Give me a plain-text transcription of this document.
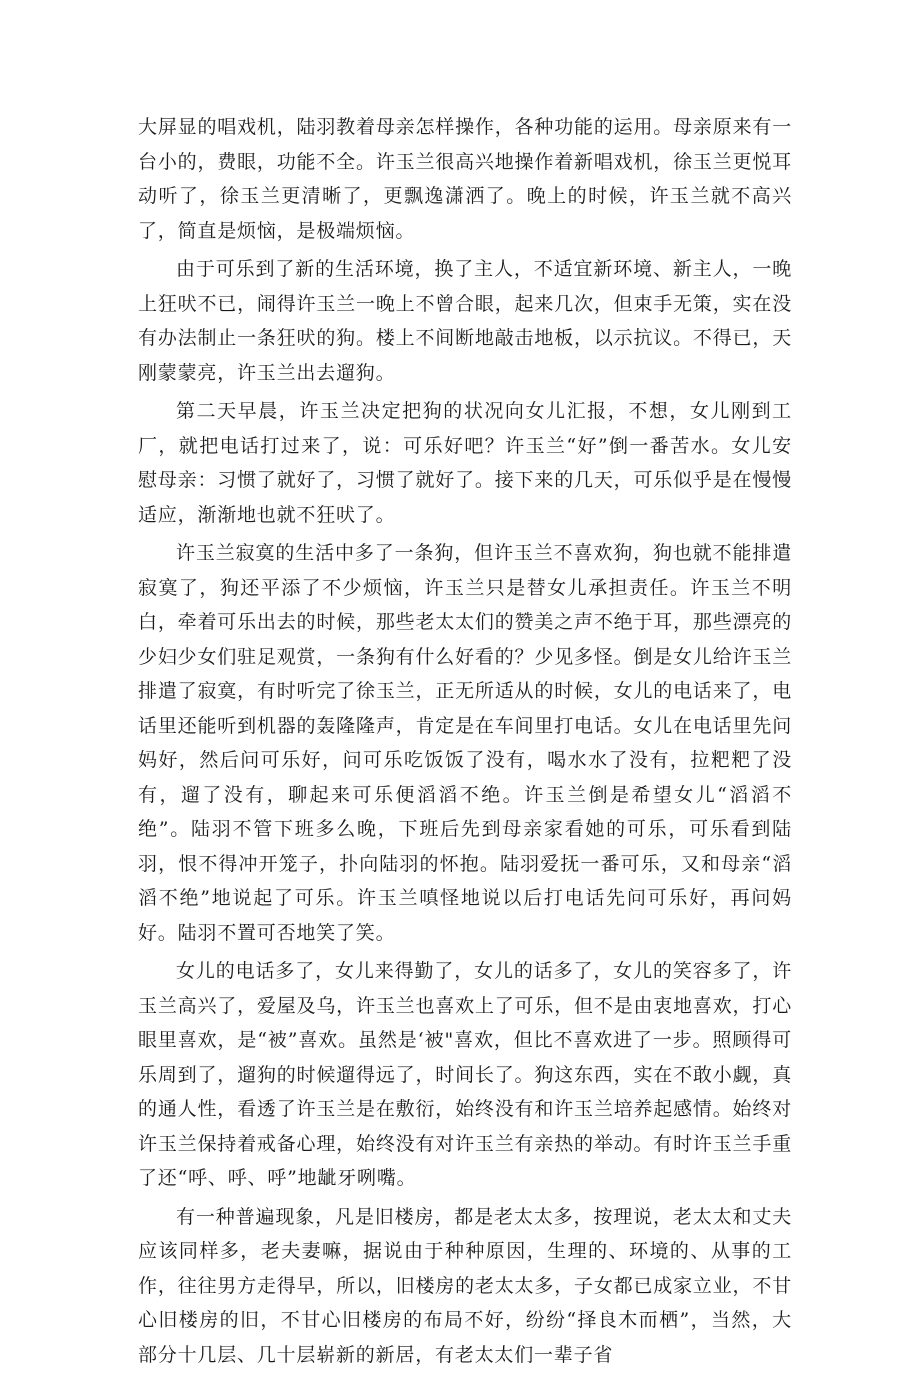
大屏显的唱戏机，陆羽教着母亲怎样操作，各种功能的运用。母亲原来有一台小的，费眼，功能不全。许玉兰很高兴地操作着新唱戏机，徐玉兰更悦耳动听了，徐玉兰更清晰了，更飘逸潇洒了。晚上的时候，许玉兰就不高兴了，简直是烦恼，是极端烦恼。

由于可乐到了新的生活环境，换了主人，不适宜新环境、新主人，一晚上狂吠不已，闹得许玉兰一晚上不曾合眼，起来几次，但束手无策，实在没有办法制止一条狂吠的狗。楼上不间断地敲击地板，以示抗议。不得已，天刚蒙蒙亮，许玉兰出去遛狗。

第二天早晨，许玉兰决定把狗的状况向女儿汇报，不想，女儿刚到工厂，就把电话打过来了，说：可乐好吧？许玉兰“好”倒一番苦水。女儿安慰母亲：习惯了就好了，习惯了就好了。接下来的几天，可乐似乎是在慢慢适应，渐渐地也就不狂吠了。

许玉兰寂寞的生活中多了一条狗，但许玉兰不喜欢狗，狗也就不能排遣寂寞了，狗还平添了不少烦恼，许玉兰只是替女儿承担责任。许玉兰不明白，牵着可乐出去的时候，那些老太太们的赞美之声不绝于耳，那些漂亮的少妇少女们驻足观赏，一条狗有什么好看的？少见多怪。倒是女儿给许玉兰排遣了寂寞，有时听完了徐玉兰，正无所适从的时候，女儿的电话来了，电话里还能听到机器的轰隆隆声，肯定是在车间里打电话。女儿在电话里先问妈好，然后问可乐好，问可乐吃饭饭了没有，喝水水了没有，拉粑粑了没有，遛了没有，聊起来可乐便滔滔不绝。许玉兰倒是希望女儿“滔滔不绝”。陆羽不管下班多么晚，下班后先到母亲家看她的可乐，可乐看到陆羽，恨不得冲开笼子，扑向陆羽的怀抱。陆羽爱抚一番可乐，又和母亲“滔滔不绝”地说起了可乐。许玉兰嗔怪地说以后打电话先问可乐好，再问妈好。陆羽不置可否地笑了笑。

女儿的电话多了，女儿来得勤了，女儿的话多了，女儿的笑容多了，许玉兰高兴了，爱屋及乌，许玉兰也喜欢上了可乐，但不是由衷地喜欢，打心眼里喜欢，是“被”喜欢。虽然是‘被"喜欢，但比不喜欢进了一步。照顾得可乐周到了，遛狗的时候遛得远了，时间长了。狗这东西，实在不敢小觑，真的通人性，看透了许玉兰是在敷衍，始终没有和许玉兰培养起感情。始终对许玉兰保持着戒备心理，始终没有对许玉兰有亲热的举动。有时许玉兰手重了还“呼、呼、呼”地龇牙咧嘴。

有一种普遍现象，凡是旧楼房，都是老太太多，按理说，老太太和丈夫应该同样多，老夫妻嘛，据说由于种种原因，生理的、环境的、从事的工作，往往男方走得早，所以，旧楼房的老太太多，子女都已成家立业，不甘心旧楼房的旧，不甘心旧楼房的布局不好，纷纷“择良木而栖”，当然，大部分十几层、几十层崭新的新居，有老太太们一辈子省
